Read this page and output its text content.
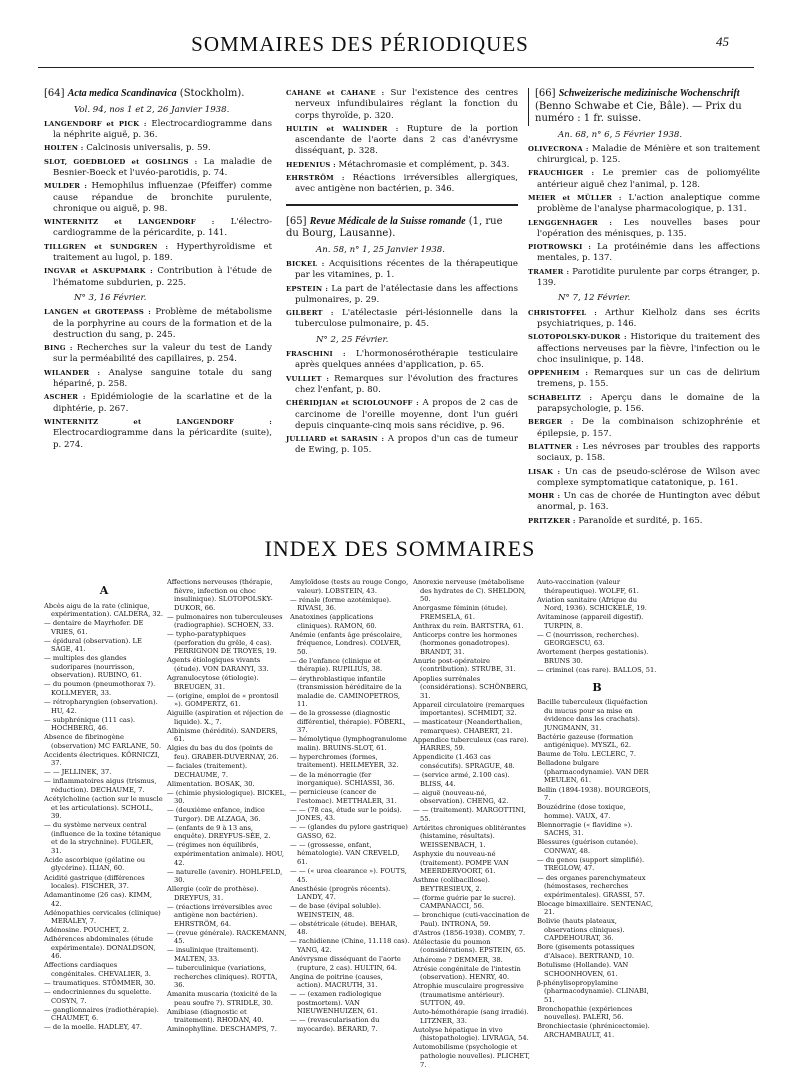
SOMMAIRES DES PÉRIODIQUES	45
[64] Acta medica Scandinavica (Stockholm).
Vol. 94, nos 1 et 2, 26 Janvier 1938.

LANGENDORF et PICK : Electrocardiogramme dans la néphrite aiguë, p. 36.

HOLTEN : Calcinosis universalis, p. 59.

SLOT, GOEDBLOED et GOSLINGS : La maladie de Besnier-Boeck et l'uvéo-parotidis, p. 74.

MULDER : Hemophilus influenzae (Pfeiffer) comme cause répandue de bronchite purulente, chronique ou aiguë, p. 98.

WINTERNITZ et LANGENDORF : L'électro-cardiogramme de la péricardite, p. 141.

TILLGREN et SUNDGREN : Hyperthyroïdisme et traitement au lugol, p. 189.

INGVAR et ASKUPMARK : Contribution à l'étude de l'hématome subdurien, p. 225.

N° 3, 16 Février.

LANGEN et GROTEPASS : Problème de métabolisme de la porphyrine au cours de la formation et de la destruction du sang, p. 245.

BING : Recherches sur la valeur du test de Landy sur la perméabilité des capillaires, p. 254.

WILANDER : Analyse sanguine totale du sang hépariné, p. 258.

ASCHER : Epidémiologie de la scarlatine et de la diphtérie, p. 267.

WINTERNITZ et LANGENDORF : Electrocardiogramme dans la péricardite (suite), p. 274.

CAHANE et CAHANE : Sur l'existence des centres nerveux infundibulaires réglant la fonction du corps thyroïde, p. 320.

HULTIN et WALINDER : Rupture de la portion ascendante de l'aorte dans 2 cas d'anévrysme disséquant, p. 328.

HEDENIUS : Métachromasie et complément, p. 343.

EHRSTRÖM : Réactions irréversibles allergiques, avec antigène non bactérien, p. 346.

[65] Revue Médicale de la Suisse romande (1, rue du Bourg, Lausanne).
An. 58, n° 1, 25 Janvier 1938.

BICKEL : Acquisitions récentes de la thérapeutique par les vitamines, p. 1.

EPSTEIN : La part de l'atélectasie dans les affections pulmonaires, p. 29.

GILBERT : L'atélectasie péri-lésionnelle dans la tuberculose pulmonaire, p. 45.

N° 2, 25 Février.

FRASCHINI : L'hormonosérothérapie testiculaire après quelques années d'application, p. 65.

VULLIET : Remarques sur l'évolution des fractures chez l'enfant, p. 80.

CHÉRIDJIAN et SCIOLOUNOFF : A propos de 2 cas de carcinome de l'oreille moyenne, dont l'un guéri depuis cinquante-cinq mois sans récidive, p. 96.

JULLIARD et SARASIN : A propos d'un cas de tumeur de Ewing, p. 105.

[66] Schweizerische medizinische Wochenschrift (Benno Schwabe et Cie, Bâle). — Prix du numéro : 1 fr. suisse.
An. 68, n° 6, 5 Février 1938.

OLIVECRONA : Maladie de Ménière et son traitement chirurgical, p. 125.

FRAUCHIGER : Le premier cas de poliomyélite antérieur aiguë chez l'animal, p. 128.

MEIER et MÜLLER : L'action analeptique comme problème de l'analyse pharmacologique, p. 131.

LENGGENHAGER : Les nouvelles bases pour l'opération des ménisques, p. 135.

PIOTROWSKI : La protéinémie dans les affections mentales, p. 137.

TRAMER : Parotidite purulente par corps étranger, p. 139.

N° 7, 12 Février.

CHRISTOFFEL : Arthur Kielholz dans ses écrits psychiatriques, p. 146.

SLOTOPOLSKY-DUKOR : Historique du traitement des affections nerveuses par la fièvre, l'infection ou le choc insulinique, p. 148.

OPPENHEIM : Remarques sur un cas de delirium tremens, p. 155.

SCHABELITZ : Aperçu dans le domaine de la parapsychologie, p. 156.

BERGER : De la combinaison schizophrénie et épilepsie, p. 157.

BLATTNER : Les névroses par troubles des rapports sociaux, p. 158.

LISAK : Un cas de pseudo-sclérose de Wilson avec complexe symptomatique catatonique, p. 161.

MOHR : Un cas de chorée de Huntington avec début anormal, p. 163.

PRITZKER : Paranoïde et surdité, p. 165.

INDEX DES SOMMAIRES

A

Abcès aigu de la rate (clinique, expérimentation). CALDERA, 32.

— dentaire de Mayrhofer. DE VRIES, 61.

— épidural (observation). LE SAGE, 41.

— multiples des glandes sudoripares (nourrisson, observation). RUBINO, 61.

— du poumon (pneumothorax ?). KOLLMEYER, 33.

— rétropharyngien (observation). HU, 42.

— subphrénique (111 cas). HOCHBERG, 46.

Absence de fibrinogène (observation) MC FARLANE, 50.

Accidents électriques. KÖRNICZI, 37.

— — JELLINEK, 37.

— inflammatoires aigus (trismus, réduction). DECHAUME, 7.

Acétylcholine (action sur le muscle et les articulations). SCHOLL, 39.

— du système nerveux central (influence de la toxine tétanique et de la strychnine). FUGLER, 31.

Acide ascorbique (gélatine ou glycérine). ILIAN, 60.

Acidité gastrique (différences locales). FISCHER, 37.

Adamantinome (26 cas). KIMM, 42.

Adénopathies cervicales (clinique) MERALEY, 7.

Adénosine. POUCHET, 2.

Adhérences abdominales (étude expérimentale). DONALDSON, 46.

Affections cardiaques congénitales. CHEVALIER, 3.

— traumatiques. STÖMMER, 30.

— endocriniennes du squelette. COSYN, 7.

— ganglionnaires (radiothérapie). CHAUMET, 6.

— de la moelle. HADLEY, 47.

Affections nerveuses (thérapie, fièvre, infection ou choc insulinique). SLOTOPOLSKY-DUKOR, 66.

— pulmonaires non tuberculeuses (radiographie). SCHOEN, 33.

— typho-paratyphiques (perforation du grêle, 4 cas). PERRIGNON DE TROYES, 19.

Agents étiologiques vivants (étude). VON DARANYI, 33.

Agranulocytose (étiologie). BREUGEN, 31.

— (origine, emploi de « prontosil »). GOMPERTZ, 61.

Aiguille (aspiration et réjection de liquide). X., 7.

Albinisme (hérédité). SANDERS, 61.

Algies du bas du dos (points de feu). GRABER-DUVERNAY, 26.

— faciales (traitement). DECHAUME, 7.

Alimentation. BOSAK, 30.

— (chimie physiologique). BICKEL, 30.

— (deuxième enfance, indice Turgor). DE ALZAGA, 36.

— (enfants de 9 à 13 ans, enquête). DREYFUS-SÉE, 2.

— (régimes non équilibrés, expérimentation animale). HOU, 42.

— naturelle (avenir). HOHLFELD, 30.

Allergie (coïr de prothèse). DREYFUS, 31.

— (réactions irréversibles avec antigène non bactérien). EHRSTRÖM, 64.

— (revue générale). RACKEMANN, 45.

— insulinique (traitement). MALTEN, 33.

— tuberculinique (variations, recherches cliniques). ROTTA, 36.

Amanita muscaria (toxicité de la peau soufre ?). STRIDLE, 30.

Amibiase (diagnostic et traitement). RHODAN, 40.

Aminophylline. DESCHAMPS, 7.

Amyloïdose (tests au rouge Congo, valeur). LOBSTEIN, 43.

— rénale (forme azotémique). RIVASI, 36.

Anatoxines (applications cliniques). RAMON, 60.

Anémie (enfants âge préscolaire, fréquence, Londres). COLVER, 50.

— de l'enfance (clinique et thérapie). RUPILIUS, 38.

— érythroblastique infantile (transmission héréditaire de la maladie de. CAMINOPETROS, 11.

— de la grossesse (diagnostic différentiel, thérapie). FÖBERL, 37.

— hémolytique (lymphogranulome malin). BRUINS-SLOT, 61.

— hyperchromes (formes, traitement). HEILMEYER, 32.

— de la ménorragie (fer inorganique). SCHIASSI, 36.

— pernicieuse (cancer de l'estomac). METTHALER, 31.

— — (78 cas, étude sur le poids). JONES, 43.

— — (glandes du pylore gastrique) GASSO, 62.

— — (grossesse, enfant, hématologie). VAN CREVELD, 61.

— — (« urea clearance »). FOUTS, 45.

Anesthésie (progrès récents). LANDY, 47.

— de base (évipal soluble). WEINSTEIN, 48.

— obstétricale (étude). BEHAR, 48.

— rachidienne (Chine, 11.118 cas). YANG, 42.

Anévrysme disséquant de l'aorte (rupture, 2 cas). HULTIN, 64.

Angina de poitrine (causes, action). MACRUTH, 31.

— — (examen radiologique postmortem). VAN NIEUWENHUIZEN, 61.

— — (revascularisation du myocarde). BÉRARD, 7.

Anorexie nerveuse (métabolisme des hydrates de C). SHELDON, 50.

Anorgasme féminin (étude). FREMSELA, 61.

Anthrax du rein. BARTSTRA, 61.

Anticorps contre les hormones (hormones gonadotropes). BRANDT, 31.

Anurie post-opératoire (contribution). STRUBE, 31.

Apoplies surrénales (considérations). SCHÖNBERG, 31.

Appareil circulatoire (remarques importantes). SCHMIDT, 32.

— masticateur (Neanderthalien, remarques). CHABERT, 21.

Appendice tuberculeux (cas rare). HARRES, 59.

Appendicite (1.463 cas consécutifs). SPRAGUE, 48.

— (service armé, 2.100 cas). BLISS, 44.

— aiguë (nouveau-né, observation). CHENG, 42.

— — (traitement). MARGOTTINI, 55.

Artérites chroniques oblitérantes (histamine, résultats). WEISSENBACH, 1.

Asphyxie du nouveau-né (traitement). POMPE VAN MEERDERVOORT, 61.

Asthme (colibacillose). BEYTRESIEUX, 2.

— (forme guérie par le sucre). CAMPANACCI, 56.

— bronchique (cuti-vaccination de Paul). INTRONA, 59.

d'Astros (1856-1938). COMBY, 7.

Atélectasie du poumon (considérations). EPSTEIN, 65.

Athérome ? DEMMER, 38.

Atrésie congénitale de l'intestin (observation). HENRY, 40.

Atrophie musculaire progressive (traumatisme antérieur). SUTTON, 49.

Auto-hémothérapie (sang irradié). LITZNER, 33.

Autolyse hépatique in vivo (histopathologie). LIVRAGA, 54.

Automobilisme (psychologie et pathologie nouvelles). PLICHET, 7.

Auto-vaccination (valeur thérapeutique). WOLFF, 61.

Aviation sanitaire (Afrique du Nord, 1936). SCHICKELÉ, 19.

Avitaminose (appareil digestif). TURPIN, 8.

— C (nourrisson, recherches). GEORGESCU, 63.

Avortement (herpes gestationis). BRUNS 30.

— criminel (cas rare). BALLOS, 51.

B

Bacille tuberculeux (liquéfaction du mucus pour sa mise en évidence dans les crachats). JUNGMANN, 31.

Bactérie gazeuse (formation antigénique). MYSZL, 62.

Baume de Tolu. LECLERC, 7.

Belladone bulgare (pharmacodynamie). VAN DER MEULEN, 61.

Bellin (1894-1938). BOURGEOIS, 7.

Bouzédrine (dose toxique, homme). VAUX, 47.

Blennorragie (« flavidine »). SACHS, 31.

Blessures (guérison cutanée). CONWAY, 48.

— du genou (support simplifié). TREGLOW, 47.

— des organes parenchymateux (hémostases, recherches expérimentales). GRASSI, 57.

Blocage bimaxillaire. SENTENAC, 21.

Bolivie (hauts plateaux, observations cliniques). CAPDEHOURAT, 36.

Bore (gisements potassiques d'Alsace). BERTRAND, 10.

Botulisme (Hollande). VAN SCHOONHOVEN, 61.

β-phénylisopropylamine (pharmacodynamie). CLINABI, 51.

Bronchopathie (expériences nouvelles). PALERI, 56.

Bronchiectasie (phrénicectomie). ARCHAMBAULT, 41.
